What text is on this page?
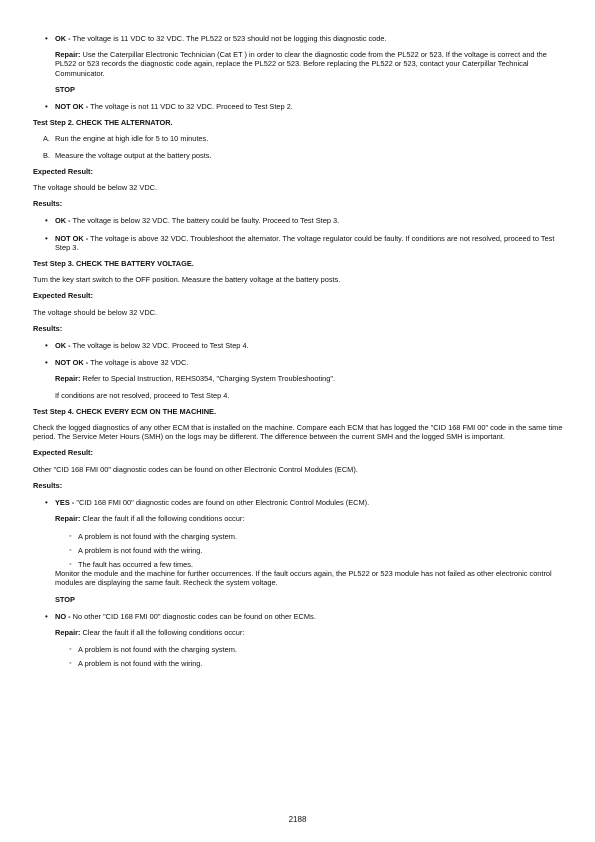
• OK - The voltage is 11 VDC to 32 VDC. The PL522 or 523 should not be logging this diagnostic code.

Repair: Use the Caterpillar Electronic Technician (Cat ET ) in order to clear the diagnostic code from the PL522 or 523. If the voltage is correct and the PL522 or 523 records the diagnostic code again, replace the PL522 or 523. Before replacing the PL522 or 523, contact your Caterpillar Technical Communicator.

STOP

• NOT OK - The voltage is not 11 VDC to 32 VDC. Proceed to Test Step 2.

Test Step 2. CHECK THE ALTERNATOR.

A. Run the engine at high idle for 5 to 10 minutes.

B. Measure the voltage output at the battery posts.

Expected Result:

The voltage should be below 32 VDC.

Results:

• OK - The voltage is below 32 VDC. The battery could be faulty. Proceed to Test Step 3.

• NOT OK - The voltage is above 32 VDC. Troubleshoot the alternator. The voltage regulator could be faulty. If conditions are not resolved, proceed to Test Step 3.

Test Step 3. CHECK THE BATTERY VOLTAGE.

Turn the key start switch to the OFF position. Measure the battery voltage at the battery posts.

Expected Result:

The voltage should be below 32 VDC.

Results:

• OK - The voltage is below 32 VDC. Proceed to Test Step 4.

• NOT OK - The voltage is above 32 VDC.

Repair: Refer to Special Instruction, REHS0354, "Charging System Troubleshooting".

If conditions are not resolved, proceed to Test Step 4.

Test Step 4. CHECK EVERY ECM ON THE MACHINE.

Check the logged diagnostics of any other ECM that is installed on the machine. Compare each ECM that has logged the "CID 168 FMI 00" code in the same time period. The Service Meter Hours (SMH) on the logs may be different. The difference between the current SMH and the logged SMH is important.

Expected Result:

Other "CID 168 FMI 00" diagnostic codes can be found on other Electronic Control Modules (ECM).

Results:

• YES - "CID 168 FMI 00" diagnostic codes are found on other Electronic Control Modules (ECM).

Repair: Clear the fault if all the following conditions occur:

◦ A problem is not found with the charging system.

◦ A problem is not found with the wiring.

◦ The fault has occurred a few times.

Monitor the module and the machine for further occurrences. If the fault occurs again, the PL522 or 523 module has not failed as other electronic control modules are displaying the same fault. Recheck the system voltage.

STOP

• NO - No other "CID 168 FMI 00" diagnostic codes can be found on other ECMs.

Repair: Clear the fault if all the following conditions occur:

◦ A problem is not found with the charging system.

◦ A problem is not found with the wiring.

2188
